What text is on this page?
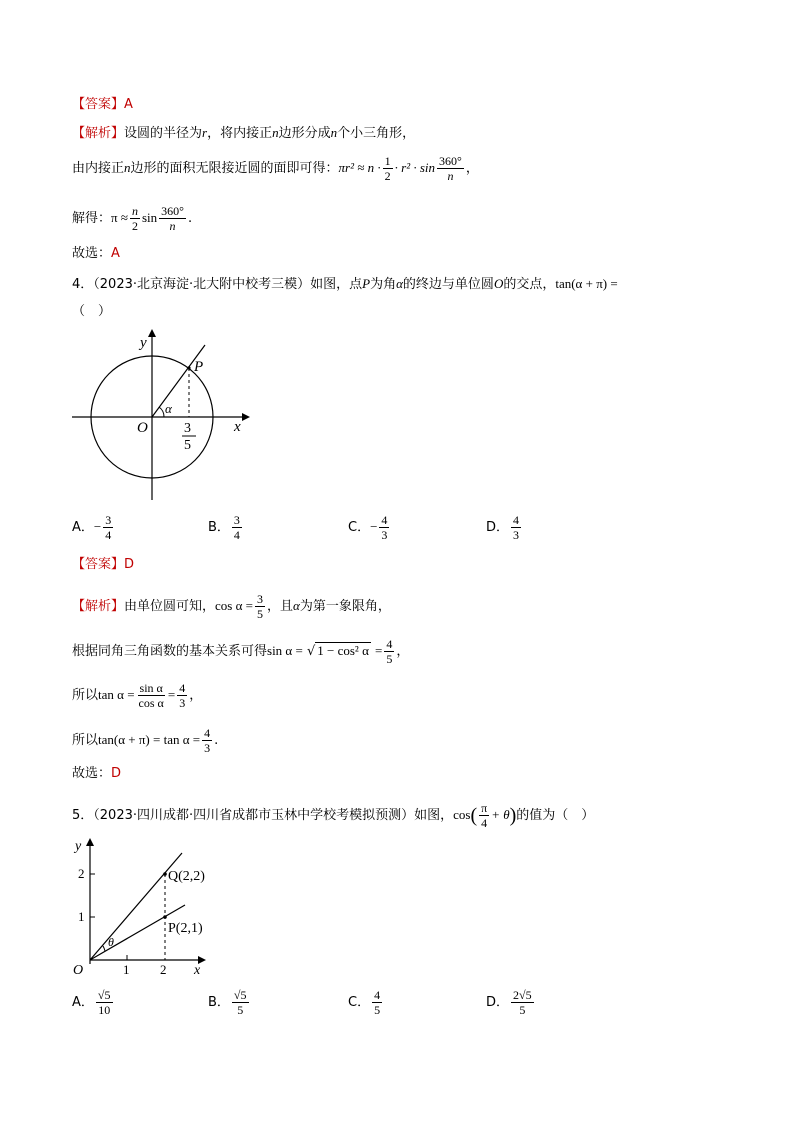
【答案】A
【解析】设圆的半径为r，将内接正n边形分成n个小三角形，
由内接正n边形的面积无限接近圆的面即可得：$\pi r^2 \approx n \cdot \frac{1}{2} \cdot r^2 \cdot \sin \frac{360^\circ}{n}$ ，
解得：$\pi \approx \frac{n}{2}$ $\sin \frac{360^\circ}{n}$ .
故选：A
4．（2023·北京海淀·北大附中校考三模）如图，点P为角α的终边与单位圆O的交点，tan(α + π) =
（　）
y
x
O
P
α
3
5
A．− $\frac{3}{4}$	B． $\frac{3}{4}$	C．− $\frac{4}{3}$	D． $\frac{4}{3}$
【答案】D
【解析】由单位圆可知，$\cos \alpha = \frac{3}{5}$ ，且α为第一象限角，
根据同角三角函数的基本关系可得sin α = √ 1 − cos² $\alpha = \frac{4}{5}$ ，
所以$\tan \alpha = \frac{\text{sin α}}{\text{cos α}} = \frac{4}{3}$ ，
所以$\tan(\alpha + \pi) = \tan \alpha = \frac{4}{3}$ .
故选：D
5．（2023·四川成都·四川省成都市玉林中学校考模拟预测）如图，$\cos( \frac{\pi}{4} + \theta)$的值为（　）
y
x
O	1 2
1
2	Q(2,2)
P(2,1)
θ
A． $\frac{√5}{10}$	B． $\frac{√5}{5}$	C． $\frac{4}{5}$	D． $\frac{2√5}{5}$
